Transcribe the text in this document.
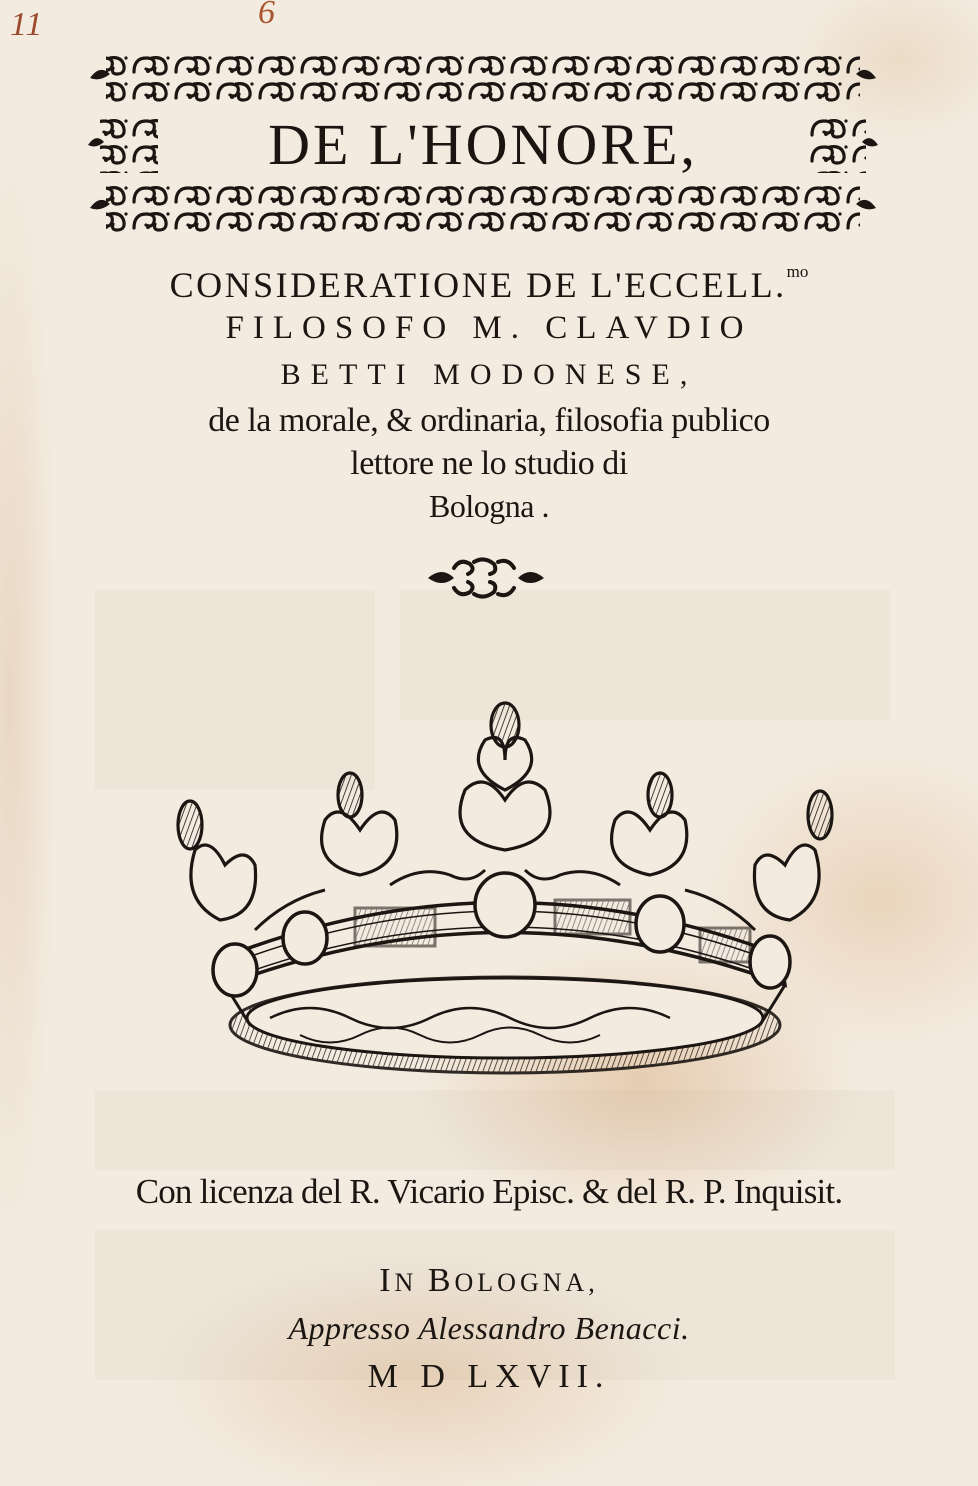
11	6
DE L'HONORE,
CONSIDERATIONE DE L'ECCELL.$^{mo}$
FILOSOFO M. CLAVDIO
BETTI MODONESE,
de la morale, & ordinaria, filosofia publico
lettore ne lo studio di
Bologna .
Con licenza del R. Vicario Episc. & del R. P. Inquisit.
IN BOLOGNA,
Appresso Alessandro Benacci.
M D LXVII.
